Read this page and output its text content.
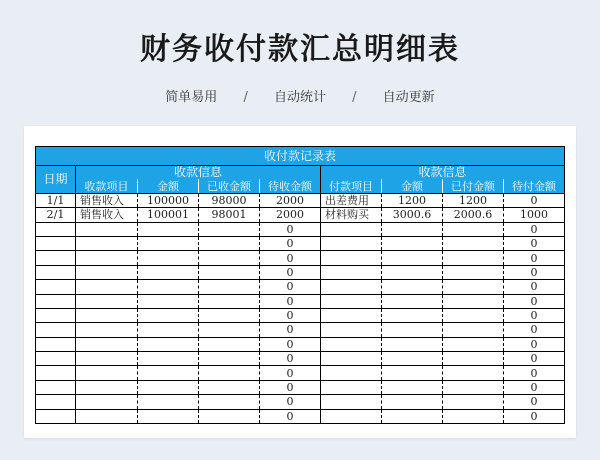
财务收付款汇总明细表
简单易用 / 自动统计 / 自动更新
收付款记录表								
日期	收款信息				收款信息			
	收款项目	金额	已收金额	待收金额	付款项目	金额	已付金额	待付金额
1/1	销售收入	100000	98000	2000	出差费用	1200	1200	0
2/1	销售收入	100001	98001	2000	材料购买	3000.6	2000.6	1000
				0				0
				0				0
				0				0
				0				0
				0				0
				0				0
				0				0
				0				0
				0				0
				0				0
				0				0
				0				0
				0				0
				0				0
